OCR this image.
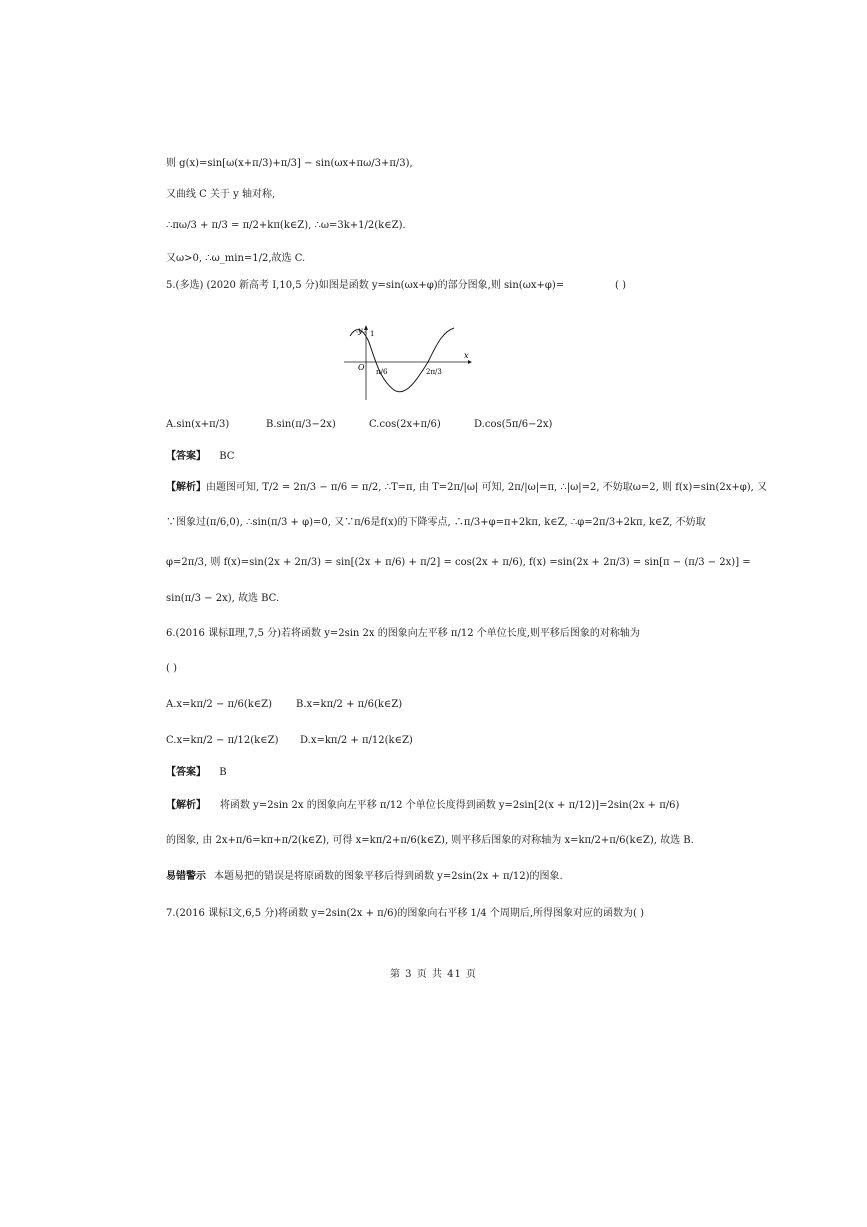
则 g(x)=sin[ω(x+π/3)+π/3] − sin(ωx+πω/3+π/3),
又曲线 C 关于 y 轴对称,
∴πω/3 + π/3 = π/2+kπ(k∈Z), ∴ω=3k+1/2(k∈Z).
又ω>0, ∴ω_min=1/2,故选 C.
5.(多选) (2020 新高考 Ⅰ,10,5 分)如图是函数 y=sin(ωx+φ)的部分图象,则 sin(ωx+φ)=	( )
y
x
O
1
π/6	2π/3
A.sin(x+π/3)	B.sin(π/3−2x)	C.cos(2x+π/6)	D.cos(5π/6−2x)
【答案】 BC
【解析】由题图可知, T/2 = 2π/3 − π/6 = π/2, ∴T=π, 由 T=2π/|ω| 可知, 2π/|ω|=π, ∴|ω|=2, 不妨取ω=2, 则 f(x)=sin(2x+φ), 又
∵图象过(π/6,0), ∴sin(π/3 + φ)=0, 又∵π/6是f(x)的下降零点, ∴π/3+φ=π+2kπ, k∈Z, ∴φ=2π/3+2kπ, k∈Z, 不妨取
φ=2π/3, 则 f(x)=sin(2x + 2π/3) = sin[(2x + π/6) + π/2] = cos(2x + π/6), f(x) =sin(2x + 2π/3) = sin[π − (π/3 − 2x)] =
sin(π/3 − 2x), 故选 BC.
6.(2016 课标Ⅱ理,7,5 分)若将函数 y=2sin 2x 的图象向左平移 π/12 个单位长度,则平移后图象的对称轴为
( )
A.x=kπ/2 − π/6(k∈Z) B.x=kπ/2 + π/6(k∈Z)
C.x=kπ/2 − π/12(k∈Z) D.x=kπ/2 + π/12(k∈Z)
【答案】 B
【解析】 将函数 y=2sin 2x 的图象向左平移 π/12 个单位长度得到函数 y=2sin[2(x + π/12)]=2sin(2x + π/6)
的图象, 由 2x+π/6=kπ+π/2(k∈Z), 可得 x=kπ/2+π/6(k∈Z), 则平移后图象的对称轴为 x=kπ/2+π/6(k∈Z), 故选 B.
易错警示 本题易把的错误是将原函数的图象平移后得到函数 y=2sin(2x + π/12)的图象.
7.(2016 课标Ⅰ文,6,5 分)将函数 y=2sin(2x + π/6)的图象向右平移 1/4 个周期后,所得图象对应的函数为( )
第 3 页 共 41 页
